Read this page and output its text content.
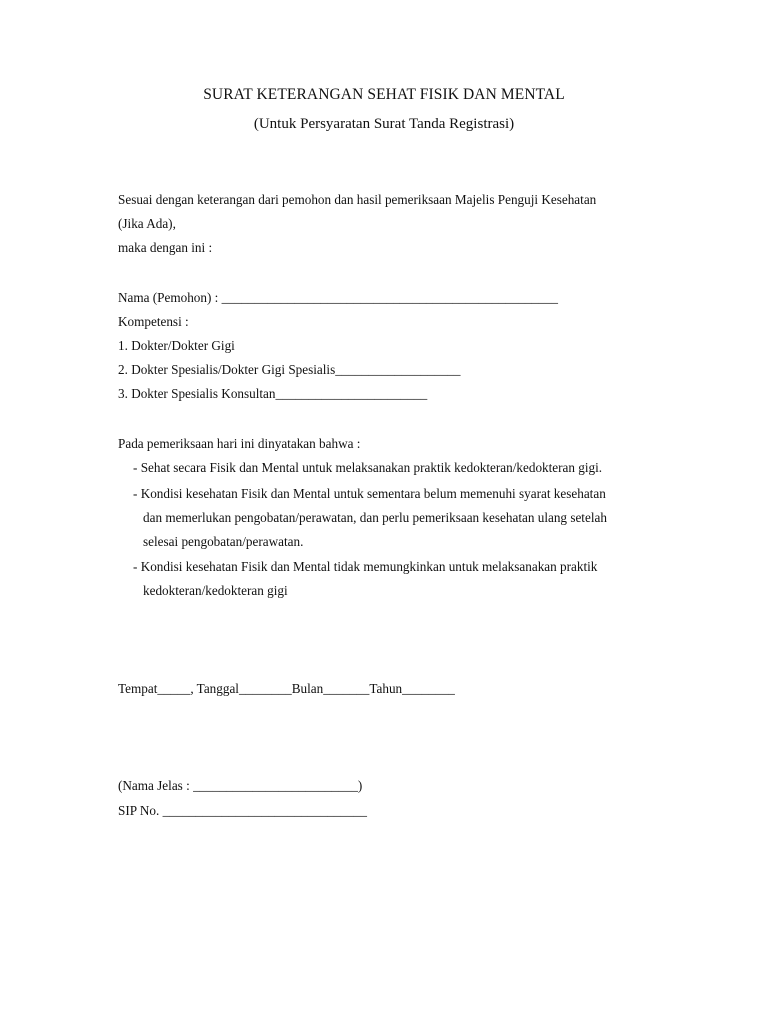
SURAT KETERANGAN SEHAT FISIK DAN MENTAL
(Untuk Persyaratan Surat Tanda Registrasi)
Sesuai dengan keterangan dari pemohon dan hasil pemeriksaan Majelis Penguji Kesehatan
(Jika Ada),
maka dengan ini :
Nama (Pemohon) : ___________________________________________________
Kompetensi :
1. Dokter/Dokter Gigi
2. Dokter Spesialis/Dokter Gigi Spesialis___________________
3. Dokter Spesialis Konsultan_______________________
Pada pemeriksaan hari ini dinyatakan bahwa :
- Sehat secara Fisik dan Mental untuk melaksanakan praktik kedokteran/kedokteran gigi.
- Kondisi kesehatan Fisik dan Mental untuk sementara belum memenuhi syarat kesehatan
dan memerlukan pengobatan/perawatan, dan perlu pemeriksaan kesehatan ulang setelah
selesai pengobatan/perawatan.
- Kondisi kesehatan Fisik dan Mental tidak memungkinkan untuk melaksanakan praktik
kedokteran/kedokteran gigi
Tempat_____, Tanggal________Bulan_______Tahun________
(Nama Jelas : _________________________)
SIP No. _______________________________
